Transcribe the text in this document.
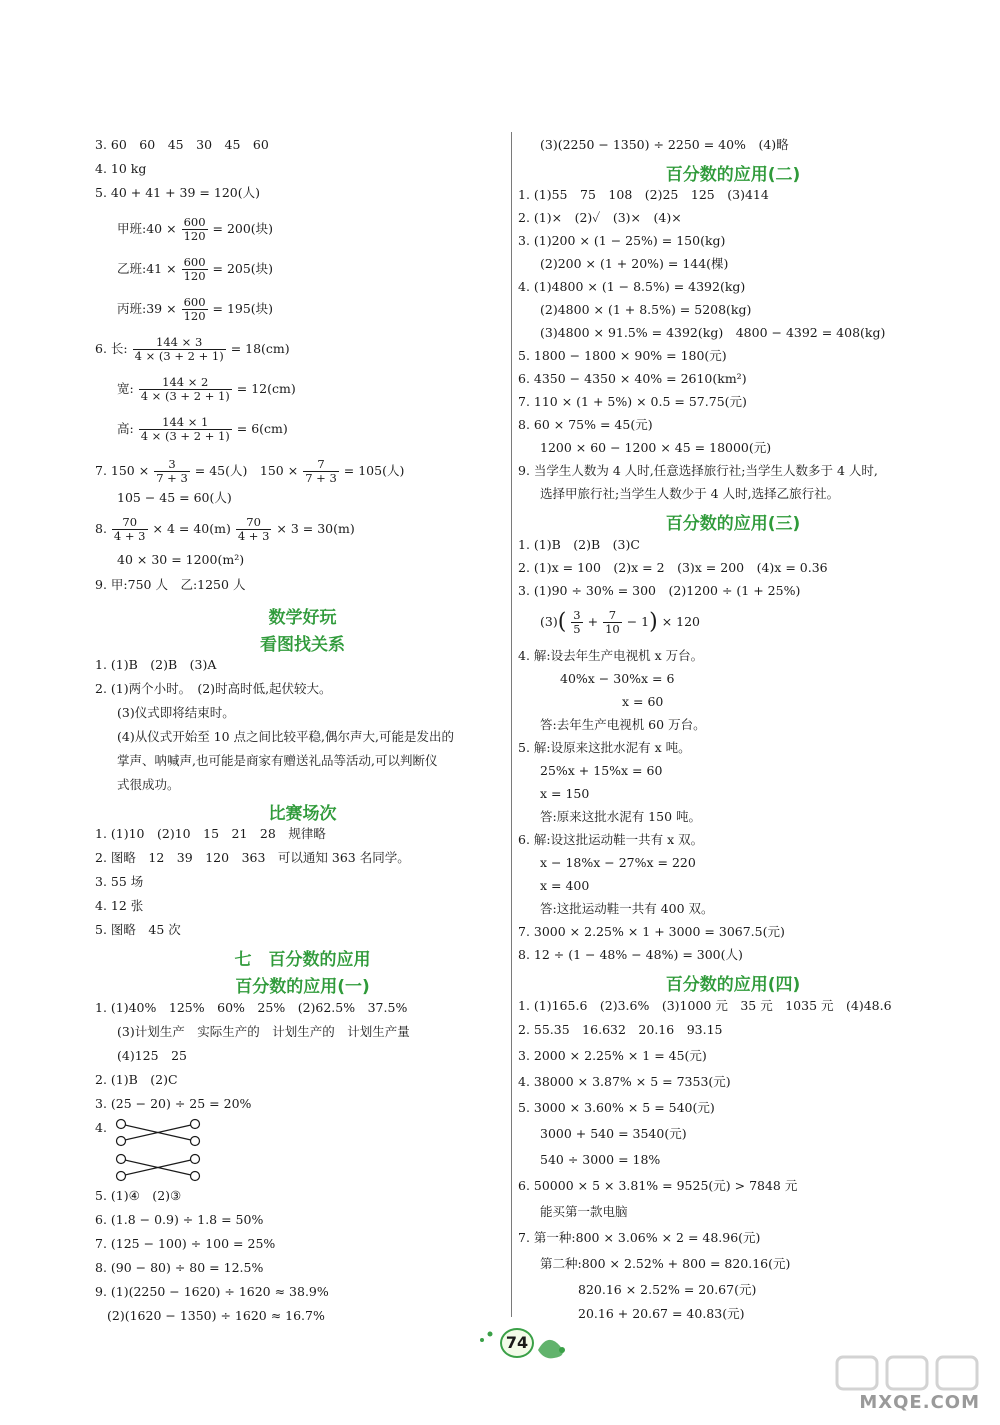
3. 60　60　45　30　45　60
4. 10 kg
5. 40 + 41 + 39 = 120(人)
甲班:40 × $\frac{600}{120} = 200$(块)
乙班:41 × $\frac{600}{120} = 205$(块)
丙班:39 × $\frac{600}{120} = 195$(块)
6. 长: $\frac{144 \times 3}{4 \times (3 + 2 + 1)} = 18(cm)$
宽: $\frac{144 \times 2}{4 \times (3 + 2 + 1)} = 12(cm)$
高: $\frac{144 \times 1}{4 \times (3 + 2 + 1)} = 6(cm)$
7. $150 \times \frac{3}{7 + 3} = 45$(人)　$150 \times \frac{7}{7 + 3} = 105$(人)
105 − 45 = 60(人)
8. $\frac{70}{4 + 3} \times 4 = 40(m) \frac{70}{4 + 3} \times 3 = 30(m)$
40 × 30 = 1200(m²)
9. 甲:750 人　乙:1250 人
数学好玩
看图找关系
1. (1)B　(2)B　(3)A
2. (1)两个小时。　(2)时高时低,起伏较大。
(3)仪式即将结束时。
(4)从仪式开始至 10 点之间比较平稳,偶尔声大,可能是发出的
掌声、呐喊声,也可能是商家有赠送礼品等活动,可以判断仪
式很成功。
比赛场次
1. (1)10　(2)10　15　21　28　规律略
2. 图略　12　39　120　363　可以通知 363 名同学。
3. 55 场
4. 12 张
5. 图略　45 次
七　百分数的应用
百分数的应用(一)
1. (1)40%　125%　60%　25%　(2)62.5%　37.5%
(3)计划生产　实际生产的　计划生产的　计划生产量
(4)125　25
2. (1)B　(2)C
3. (25 − 20) ÷ 25 = 20%
4.
5. (1)④　(2)③
6. (1.8 − 0.9) ÷ 1.8 = 50%
7. (125 − 100) ÷ 100 = 25%
8. (90 − 80) ÷ 80 = 12.5%
9. (1)(2250 − 1620) ÷ 1620 ≈ 38.9%
(2)(1620 − 1350) ÷ 1620 ≈ 16.7%
(3)(2250 − 1350) ÷ 2250 = 40%　(4)略
百分数的应用(二)
1. (1)55　75　108　(2)25　125　(3)414
2. (1)×　(2)✓　(3)×　(4)×
3. (1)200 × (1 − 25%) = 150(kg)
(2)200 × (1 + 20%) = 144(棵)
4. (1)4800 × (1 − 8.5%) = 4392(kg)
(2)4800 × (1 + 8.5%) = 5208(kg)
(3)4800 × 91.5% = 4392(kg)　4800 − 4392 = 408(kg)
5. 1800 − 1800 × 90% = 180(元)
6. 4350 − 4350 × 40% = 2610(km²)
7. 110 × (1 + 5%) × 0.5 = 57.75(元)
8. 60 × 75% = 45(元)
1200 × 60 − 1200 × 45 = 18000(元)
9. 当学生人数为 4 人时,任意选择旅行社;当学生人数多于 4 人时,
选择甲旅行社;当学生人数少于 4 人时,选择乙旅行社。
百分数的应用(三)
1. (1)B　(2)B　(3)C
2. (1)x = 100　(2)x = 2　(3)x = 200　(4)x = 0.36
3. (1)90 ÷ 30% = 300　(2)1200 ÷ (1 + 25%)
$(3)( \frac{3}{5} + \frac{7}{10} - 1) \times 120$
4. 解:设去年生产电视机 x 万台。
40%x − 30%x = 6
x = 60
答:去年生产电视机 60 万台。
5. 解:设原来这批水泥有 x 吨。
25%x + 15%x = 60
x = 150
答:原来这批水泥有 150 吨。
6. 解:设这批运动鞋一共有 x 双。
x − 18%x − 27%x = 220
x = 400
答:这批运动鞋一共有 400 双。
7. 3000 × 2.25% × 1 + 3000 = 3067.5(元)
8. 12 ÷ (1 − 48% − 48%) = 300(人)
百分数的应用(四)
1. (1)165.6　(2)3.6%　(3)1000 元　35 元　1035 元　(4)48.6
2. 55.35　16.632　20.16　93.15
3. 2000 × 2.25% × 1 = 45(元)
4. 38000 × 3.87% × 5 = 7353(元)
5. 3000 × 3.60% × 5 = 540(元)
3000 + 540 = 3540(元)
540 ÷ 3000 = 18%
6. 50000 × 5 × 3.81% = 9525(元) > 7848 元
能买第一款电脑
7. 第一种:800 × 3.06% × 2 = 48.96(元)
第二种:800 × 2.52% + 800 = 820.16(元)
820.16 × 2.52% = 20.67(元)
20.16 + 20.67 = 40.83(元)
74
MXQE.COM
